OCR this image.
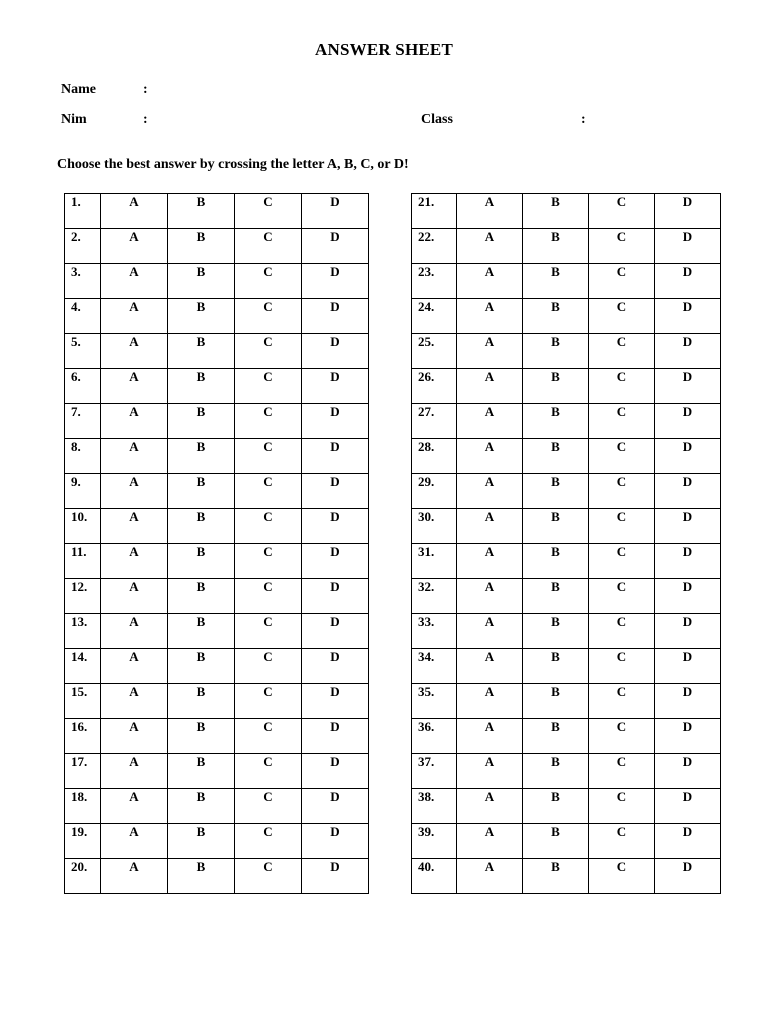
ANSWER SHEET
Name	:
Nim	:	Class	:
Choose the best answer by crossing the letter A, B, C, or D!
1.	A	B	C	D
2.	A	B	C	D
3.	A	B	C	D
4.	A	B	C	D
5.	A	B	C	D
6.	A	B	C	D
7.	A	B	C	D
8.	A	B	C	D
9.	A	B	C	D
10.	A	B	C	D
11.	A	B	C	D
12.	A	B	C	D
13.	A	B	C	D
14.	A	B	C	D
15.	A	B	C	D
16.	A	B	C	D
17.	A	B	C	D
18.	A	B	C	D
19.	A	B	C	D
20.	A	B	C	D
21.	A	B	C	D
22.	A	B	C	D
23.	A	B	C	D
24.	A	B	C	D
25.	A	B	C	D
26.	A	B	C	D
27.	A	B	C	D
28.	A	B	C	D
29.	A	B	C	D
30.	A	B	C	D
31.	A	B	C	D
32.	A	B	C	D
33.	A	B	C	D
34.	A	B	C	D
35.	A	B	C	D
36.	A	B	C	D
37.	A	B	C	D
38.	A	B	C	D
39.	A	B	C	D
40.	A	B	C	D
